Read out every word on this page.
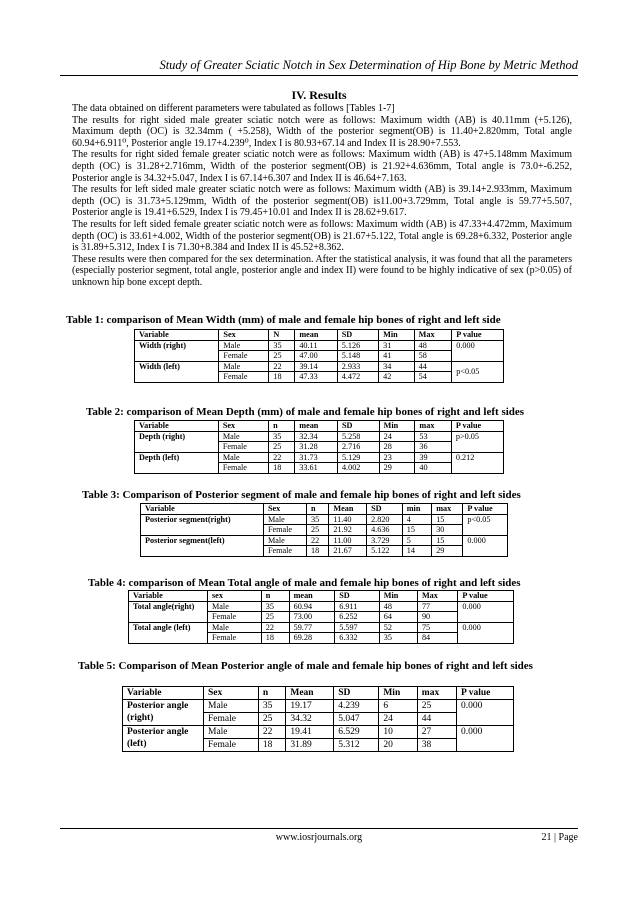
Study of Greater Sciatic Notch in Sex Determination of Hip Bone by Metric Method
IV. Results

The data obtained on different parameters were tabulated as follows [Tables 1-7]

The results for right sided male greater sciatic notch were as follows: Maximum width (AB) is 40.11mm (+5.126), Maximum depth (OC) is 32.34mm ( +5.258), Width of the posterior segment(OB) is 11.40+2.820mm, Total angle 60.94+6.911⁰, Posterior angle 19.17+4.239⁰, Index I is 80.93+67.14 and Index II is 28.90+7.553.

The results for right sided female greater sciatic notch were as follows: Maximum width (AB) is 47+5.148mm Maximum depth (OC) is 31.28+2.716mm, Width of the posterior segment(OB) is 21.92+4.636mm, Total angle is 73.0+-6.252, Posterior angle is 34.32+5.047, Index I is 67.14+6.307 and Index II is 46.64+7.163.

The results for left sided male greater sciatic notch were as follows: Maximum width (AB) is 39.14+2.933mm, Maximum depth (OC) is 31.73+5.129mm, Width of the posterior segment(OB) is11.00+3.729mm, Total angle is 59.77+5.507, Posterior angle is 19.41+6.529, Index I is 79.45+10.01 and Index II is 28.62+9.617.

The results for left sided female greater sciatic notch were as follows: Maximum width (AB) is 47.33+4.472mm, Maximum depth (OC) is 33.61+4.002, Width of the posterior segment(OB) is 21.67+5.122, Total angle is 69.28+6.332, Posterior angle is 31.89+5.312, Index I is 71.30+8.384 and Index II is 45.52+8.362.

These results were then compared for the sex determination. After the statistical analysis, it was found that all the parameters (especially posterior segment, total angle, posterior angle and index II) were found to be highly indicative of sex (p>0.05) of unknown hip bone except depth.

Table 1: comparison of Mean Width (mm) of male and female hip bones of right and left side
Variable	Sex	N	mean	SD	Min	Max	P value
Width (right)	Male	35	40.11	5.126	31	48	0.000
	Female	25	47.00	5.148	41	58	
Width (left)	Male	22	39.14	2.933	34	44	p<0.05
	Female	18	47.33	4.472	42	54	
Table 2: comparison of Mean Depth (mm) of male and female hip bones of right and left sides
Variable	Sex	n	mean	SD	Min	max	P value
Depth (right)	Male	35	32.34	5.258	24	53	p>0.05
	Female	25	31.28	2.716	28	36	
Depth (left)	Male	22	31.73	5.129	23	39	0.212
	Female	18	33.61	4.002	29	40	
Table 3: Comparison of Posterior segment of male and female hip bones of right and left sides
Variable	Sex	n	Mean	SD	min	max	P value
Posterior segment(right)	Male	35	11.40	2.820	4	15	p<0.05
	Female	25	21.92	4.636	15	30	
Posterior segment(left)	Male	22	11.00	3.729	5	15	0.000
	Female	18	21.67	5.122	14	29	
Table 4: comparison of Mean Total angle of male and female hip bones of right and left sides
Variable	sex	n	mean	SD	Min	Max	P value
Total angle(right)	Male	35	60.94	6.911	48	77	0.000
	Female	25	73.00	6.252	64	90	
Total angle (left)	Male	22	59.77	5.597	52	75	0.000
	Female	18	69.28	6.332	35	84	
Table 5: Comparison of Mean Posterior angle of male and female hip bones of right and left sides
Variable	Sex	n	Mean	SD	Min	max	P value
Posterior angle (right)	Male	35	19.17	4.239	6	25	0.000
	Female	25	34.32	5.047	24	44	
Posterior angle (left)	Male	22	19.41	6.529	10	27	0.000
	Female	18	31.89	5.312	20	38	
www.iosrjournals.org	21 | Page
